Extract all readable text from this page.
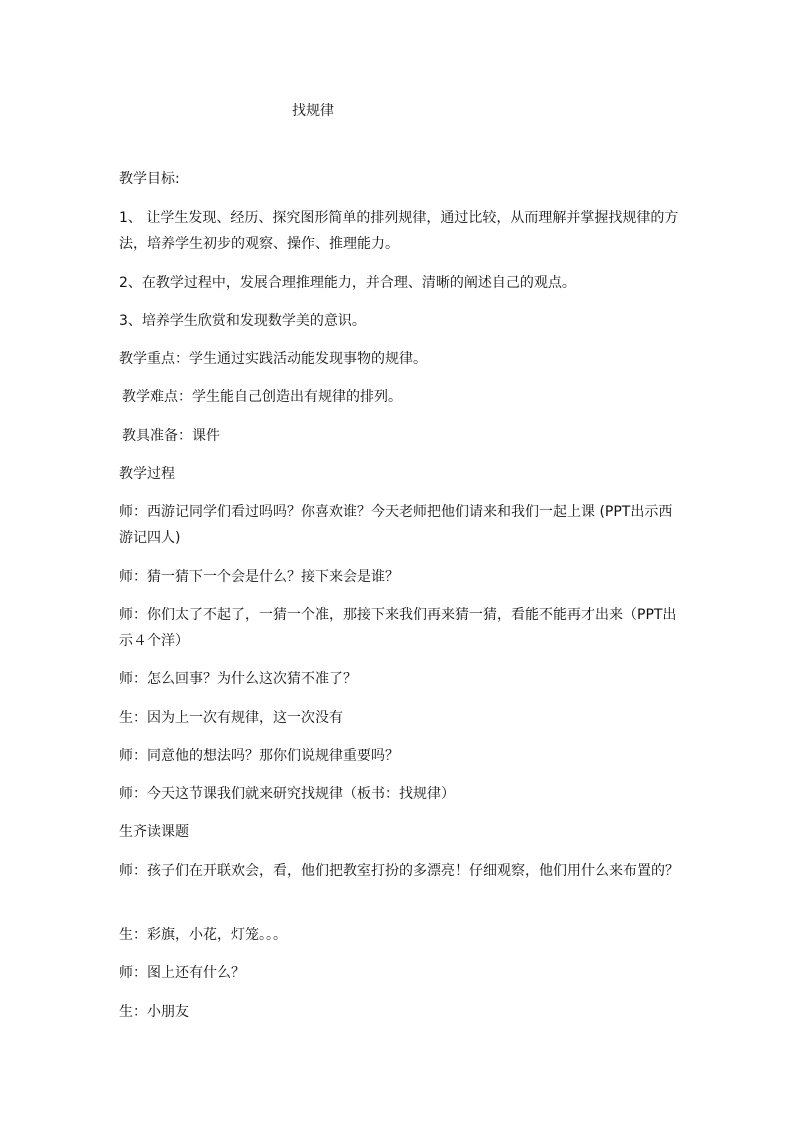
找规律

教学目标:

1、 让学生发现、经历、探究图形简单的排列规律，通过比较，从而理解并掌握找规律的方法，培养学生初步的观察、操作、推理能力。

2、在教学过程中，发展合理推理能力，并合理、清晰的阐述自己的观点。

3、培养学生欣赏和发现数学美的意识。

教学重点：学生通过实践活动能发现事物的规律。

教学难点：学生能自己创造出有规律的排列。

教具准备：课件

教学过程

师：西游记同学们看过吗吗？你喜欢谁？今天老师把他们请来和我们一起上课 (PPT出示西游记四人)

师：猜一猜下一个会是什么？接下来会是谁？

师：你们太了不起了，一猜一个准，那接下来我们再来猜一猜，看能不能再才出来（PPT出示４个洋）

师：怎么回事？为什么这次猜不准了？

生：因为上一次有规律，这一次没有

师：同意他的想法吗？那你们说规律重要吗？

师：今天这节课我们就来研究找规律（板书：找规律）

生齐读课题

师：孩子们在开联欢会，看，他们把教室打扮的多漂亮！仔细观察，他们用什么来布置的？

生：彩旗，小花，灯笼。。。

师：图上还有什么？

生：小朋友
